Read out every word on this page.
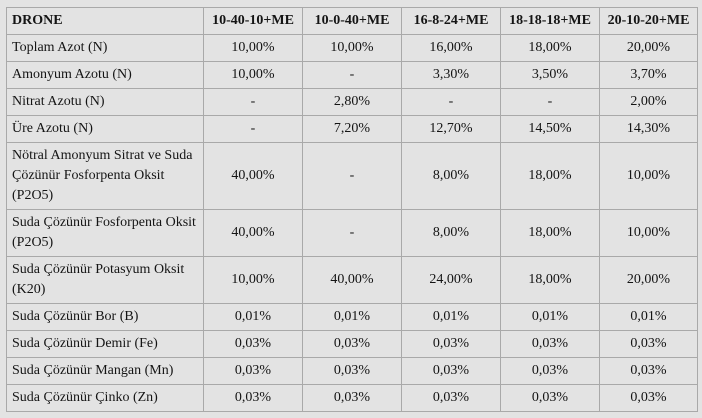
DRONE	10-40-10+ME	10-0-40+ME	16-8-24+ME	18-18-18+ME	20-10-20+ME
Toplam Azot (N)	10,00%	10,00%	16,00%	18,00%	20,00%
Amonyum Azotu (N)	10,00%	-	3,30%	3,50%	3,70%
Nitrat Azotu (N)	-	2,80%	-	-	2,00%
Üre Azotu (N)	-	7,20%	12,70%	14,50%	14,30%
Nötral Amonyum Sitrat ve Suda Çözünür Fosforpenta Oksit (P2O5)	40,00%	-	8,00%	18,00%	10,00%
Suda Çözünür Fosforpenta Oksit (P2O5)	40,00%	-	8,00%	18,00%	10,00%
Suda Çözünür Potasyum Oksit (K20)	10,00%	40,00%	24,00%	18,00%	20,00%
Suda Çözünür Bor (B)	0,01%	0,01%	0,01%	0,01%	0,01%
Suda Çözünür Demir (Fe)	0,03%	0,03%	0,03%	0,03%	0,03%
Suda Çözünür Mangan (Mn)	0,03%	0,03%	0,03%	0,03%	0,03%
Suda Çözünür Çinko (Zn)	0,03%	0,03%	0,03%	0,03%	0,03%
